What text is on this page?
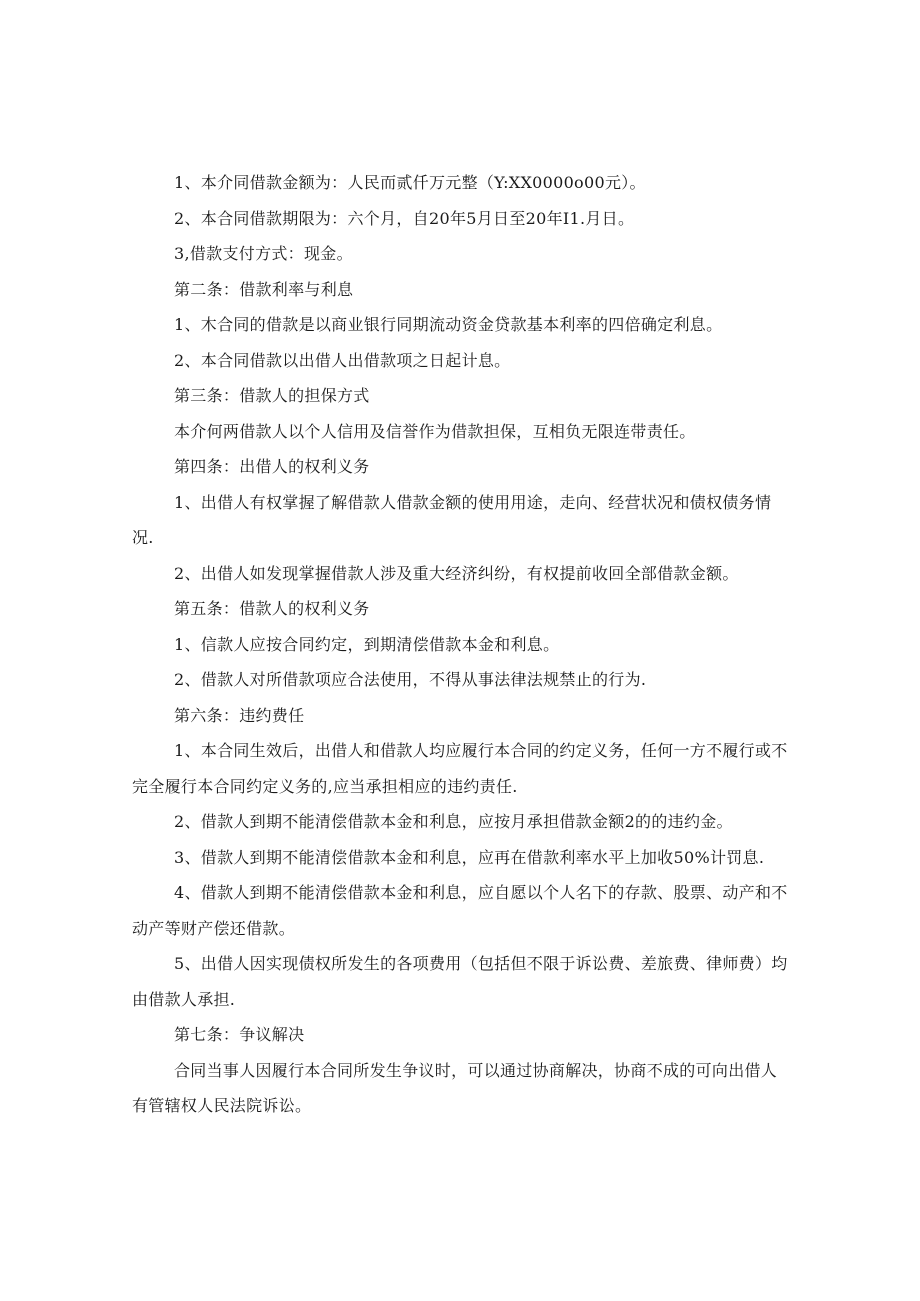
1、本介同借款金额为：人民而贰仟万元整（Y:XX0000o00元）。

2、本合同借款期限为：六个月，自20年5月日至20年I1.月日。

3,借款支付方式：现金。

第二条：借款利率与利息

1、木合同的借款是以商业银行同期流动资金贷款基本利率的四倍确定利息。

2、本合同借款以出借人出借款项之日起计息。

第三条：借款人的担保方式

本介何两借款人以个人信用及信誉作为借款担保，互相负无限连带责任。

第四条：出借人的权利义务

1、出借人有权掌握了解借款人借款金额的使用用途，走向、经营状况和债权债务情况.

2、出借人如发现掌握借款人涉及重大经济纠纷，有权提前收回全部借款金额。

第五条：借款人的权利义务

1、信款人应按合同约定，到期清偿借款本金和利息。

2、借款人对所借款项应合法使用，不得从事法律法规禁止的行为.

第六条：违约费任

1、本合同生效后，出借人和借款人均应履行本合同的约定义务，任何一方不履行或不完全履行本合同约定义务的,应当承担相应的违约责任.

2、借款人到期不能清偿借款本金和利息，应按月承担借款金额2的的违约金。

3、借款人到期不能清偿借款本金和利息，应再在借款利率水平上加收50%计罚息.

4、借款人到期不能清偿借款本金和利息，应自愿以个人名下的存款、股票、动产和不动产等财产偿还借款。

5、出借人因实现债权所发生的各项费用（包括但不限于诉讼费、差旅费、律师费）均由借款人承担.

第七条：争议解决

合同当事人因履行本合同所发生争议时，可以通过协商解决，协商不成的可向出借人有管辖权人民法院诉讼。
